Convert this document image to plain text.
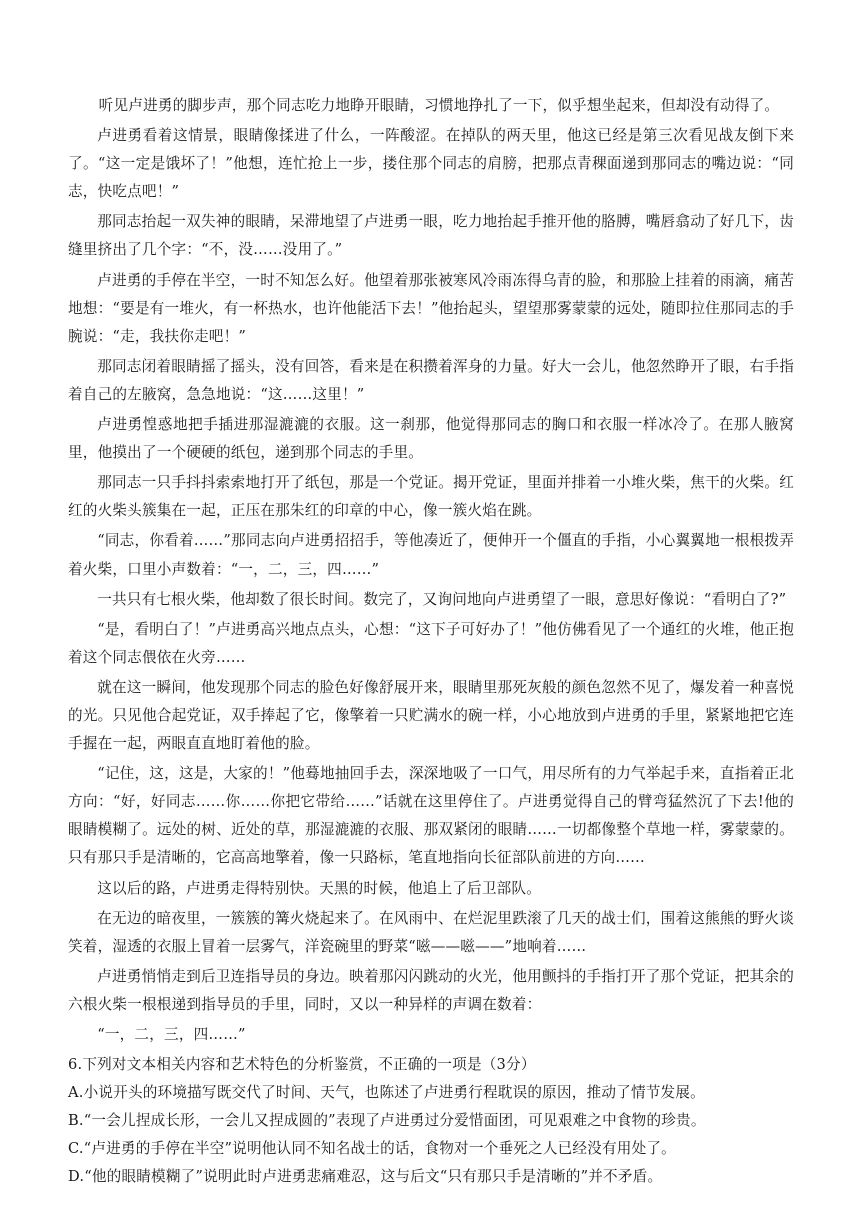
听见卢进勇的脚步声，那个同志吃力地睁开眼睛，习惯地挣扎了一下，似乎想坐起来，但却没有动得了。

卢进勇看着这情景，眼睛像揉进了什么，一阵酸涩。在掉队的两天里，他这已经是第三次看见战友倒下来了。“这一定是饿坏了！”他想，连忙抢上一步，搂住那个同志的肩膀，把那点青稞面递到那同志的嘴边说：“同志，快吃点吧！”

那同志抬起一双失神的眼睛，呆滞地望了卢进勇一眼，吃力地抬起手推开他的胳膊，嘴唇翕动了好几下，齿缝里挤出了几个字：“不，没……没用了。”

卢进勇的手停在半空，一时不知怎么好。他望着那张被寒风冷雨冻得乌青的脸，和那脸上挂着的雨滴，痛苦地想：“要是有一堆火，有一杯热水，也许他能活下去！”他抬起头，望望那雾蒙蒙的远处，随即拉住那同志的手腕说：“走，我扶你走吧！”

那同志闭着眼睛摇了摇头，没有回答，看来是在积攒着浑身的力量。好大一会儿，他忽然睁开了眼，右手指着自己的左腋窝，急急地说：“这……这里！”

卢进勇惶惑地把手插进那湿漉漉的衣服。这一刹那，他觉得那同志的胸口和衣服一样冰冷了。在那人腋窝里，他摸出了一个硬硬的纸包，递到那个同志的手里。

那同志一只手抖抖索索地打开了纸包，那是一个党证。揭开党证，里面并排着一小堆火柴，焦干的火柴。红红的火柴头簇集在一起，正压在那朱红的印章的中心，像一簇火焰在跳。

“同志，你看着……”那同志向卢进勇招招手，等他凑近了，便伸开一个僵直的手指，小心翼翼地一根根拨弄着火柴，口里小声数着：“一，二，三，四……”

一共只有七根火柴，他却数了很长时间。数完了，又询问地向卢进勇望了一眼，意思好像说：“看明白了?”

“是，看明白了！”卢进勇高兴地点点头，心想：“这下子可好办了！”他仿佛看见了一个通红的火堆，他正抱着这个同志偎依在火旁……

就在这一瞬间，他发现那个同志的脸色好像舒展开来，眼睛里那死灰般的颜色忽然不见了，爆发着一种喜悦的光。只见他合起党证，双手捧起了它，像擎着一只贮满水的碗一样，小心地放到卢进勇的手里，紧紧地把它连手握在一起，两眼直直地盯着他的脸。

“记住，这，这是，大家的！”他蓦地抽回手去，深深地吸了一口气，用尽所有的力气举起手来，直指着正北方向：“好，好同志……你……你把它带给……”话就在这里停住了。卢进勇觉得自己的臂弯猛然沉了下去!他的眼睛模糊了。远处的树、近处的草，那湿漉漉的衣服、那双紧闭的眼睛……一切都像整个草地一样，雾蒙蒙的。只有那只手是清晰的，它高高地擎着，像一只路标，笔直地指向长征部队前进的方向……

这以后的路，卢进勇走得特别快。天黑的时候，他追上了后卫部队。

在无边的暗夜里，一簇簇的篝火烧起来了。在风雨中、在烂泥里跌滚了几天的战士们，围着这熊熊的野火谈笑着，湿透的衣服上冒着一层雾气，洋瓷碗里的野菜“嗞——嗞——”地响着……

卢进勇悄悄走到后卫连指导员的身边。映着那闪闪跳动的火光，他用颤抖的手指打开了那个党证，把其余的六根火柴一根根递到指导员的手里，同时，又以一种异样的声调在数着：

“一，二，三，四……”

6.下列对文本相关内容和艺术特色的分析鉴赏，不正确的一项是（3分）

A.小说开头的环境描写既交代了时间、天气，也陈述了卢进勇行程耽误的原因，推动了情节发展。

B.“一会儿捏成长形，一会儿又捏成圆的”表现了卢进勇过分爱惜面团，可见艰难之中食物的珍贵。

C.“卢进勇的手停在半空”说明他认同不知名战士的话，食物对一个垂死之人已经没有用处了。

D.“他的眼睛模糊了”说明此时卢进勇悲痛难忍，这与后文“只有那只手是清晰的”并不矛盾。
